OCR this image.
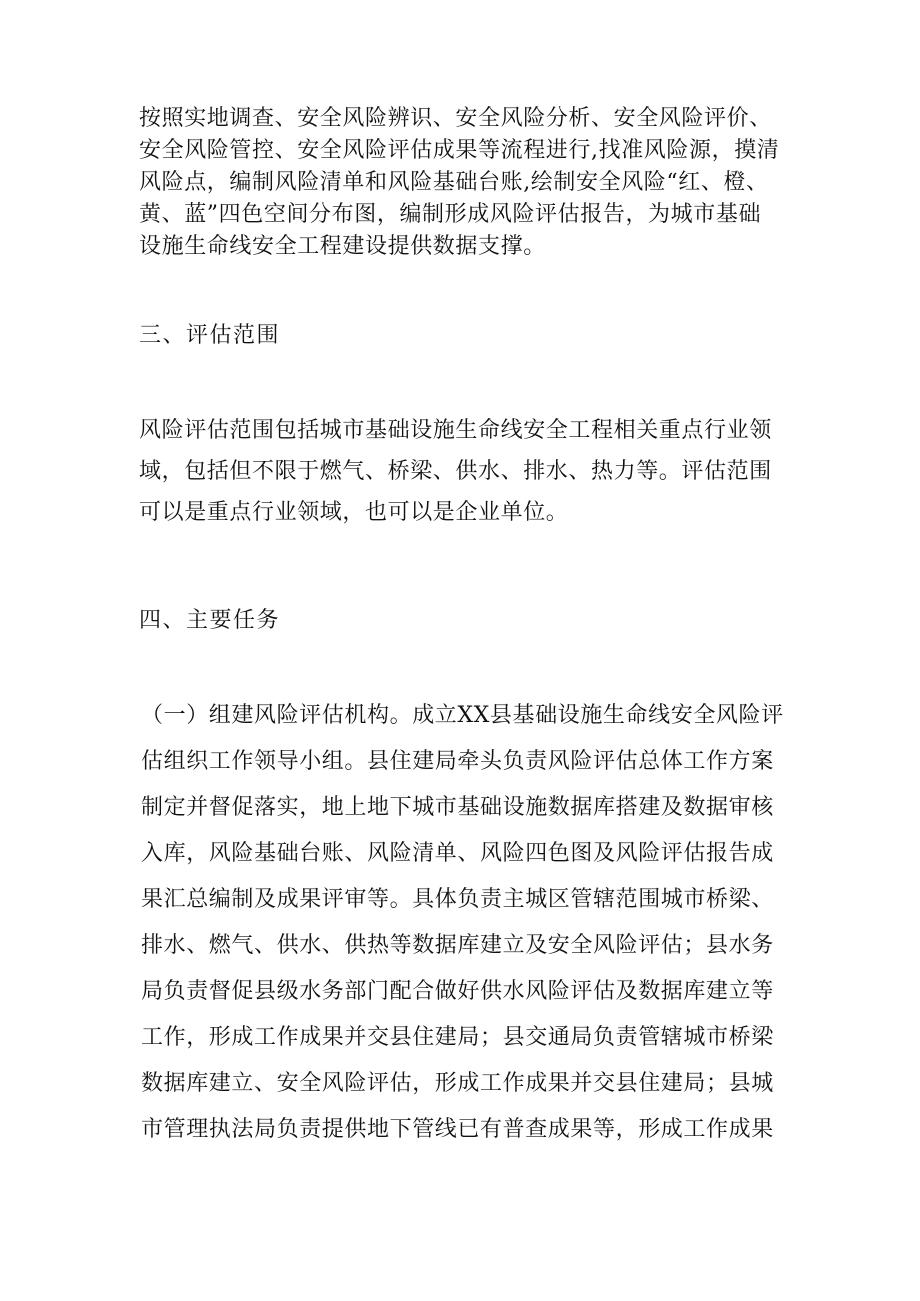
按照实地调查、安全风险辨识、安全风险分析、安全风险评价、
安全风险管控、安全风险评估成果等流程进行,找准风险源，摸清
风险点，编制风险清单和风险基础台账,绘制安全风险“红、橙、
黄、蓝”四色空间分布图，编制形成风险评估报告，为城市基础
设施生命线安全工程建设提供数据支撑。
三、评估范围
风险评估范围包括城市基础设施生命线安全工程相关重点行业领
域，包括但不限于燃气、桥梁、供水、排水、热力等。评估范围
可以是重点行业领域，也可以是企业单位。
四、主要任务
（一）组建风险评估机构。成立XX县基础设施生命线安全风险评
估组织工作领导小组。县住建局牵头负责风险评估总体工作方案
制定并督促落实，地上地下城市基础设施数据库搭建及数据审核
入库，风险基础台账、风险清单、风险四色图及风险评估报告成
果汇总编制及成果评审等。具体负责主城区管辖范围城市桥梁、
排水、燃气、供水、供热等数据库建立及安全风险评估；县水务
局负责督促县级水务部门配合做好供水风险评估及数据库建立等
工作，形成工作成果并交县住建局；县交通局负责管辖城市桥梁
数据库建立、安全风险评估，形成工作成果并交县住建局；县城
市管理执法局负责提供地下管线已有普查成果等，形成工作成果
